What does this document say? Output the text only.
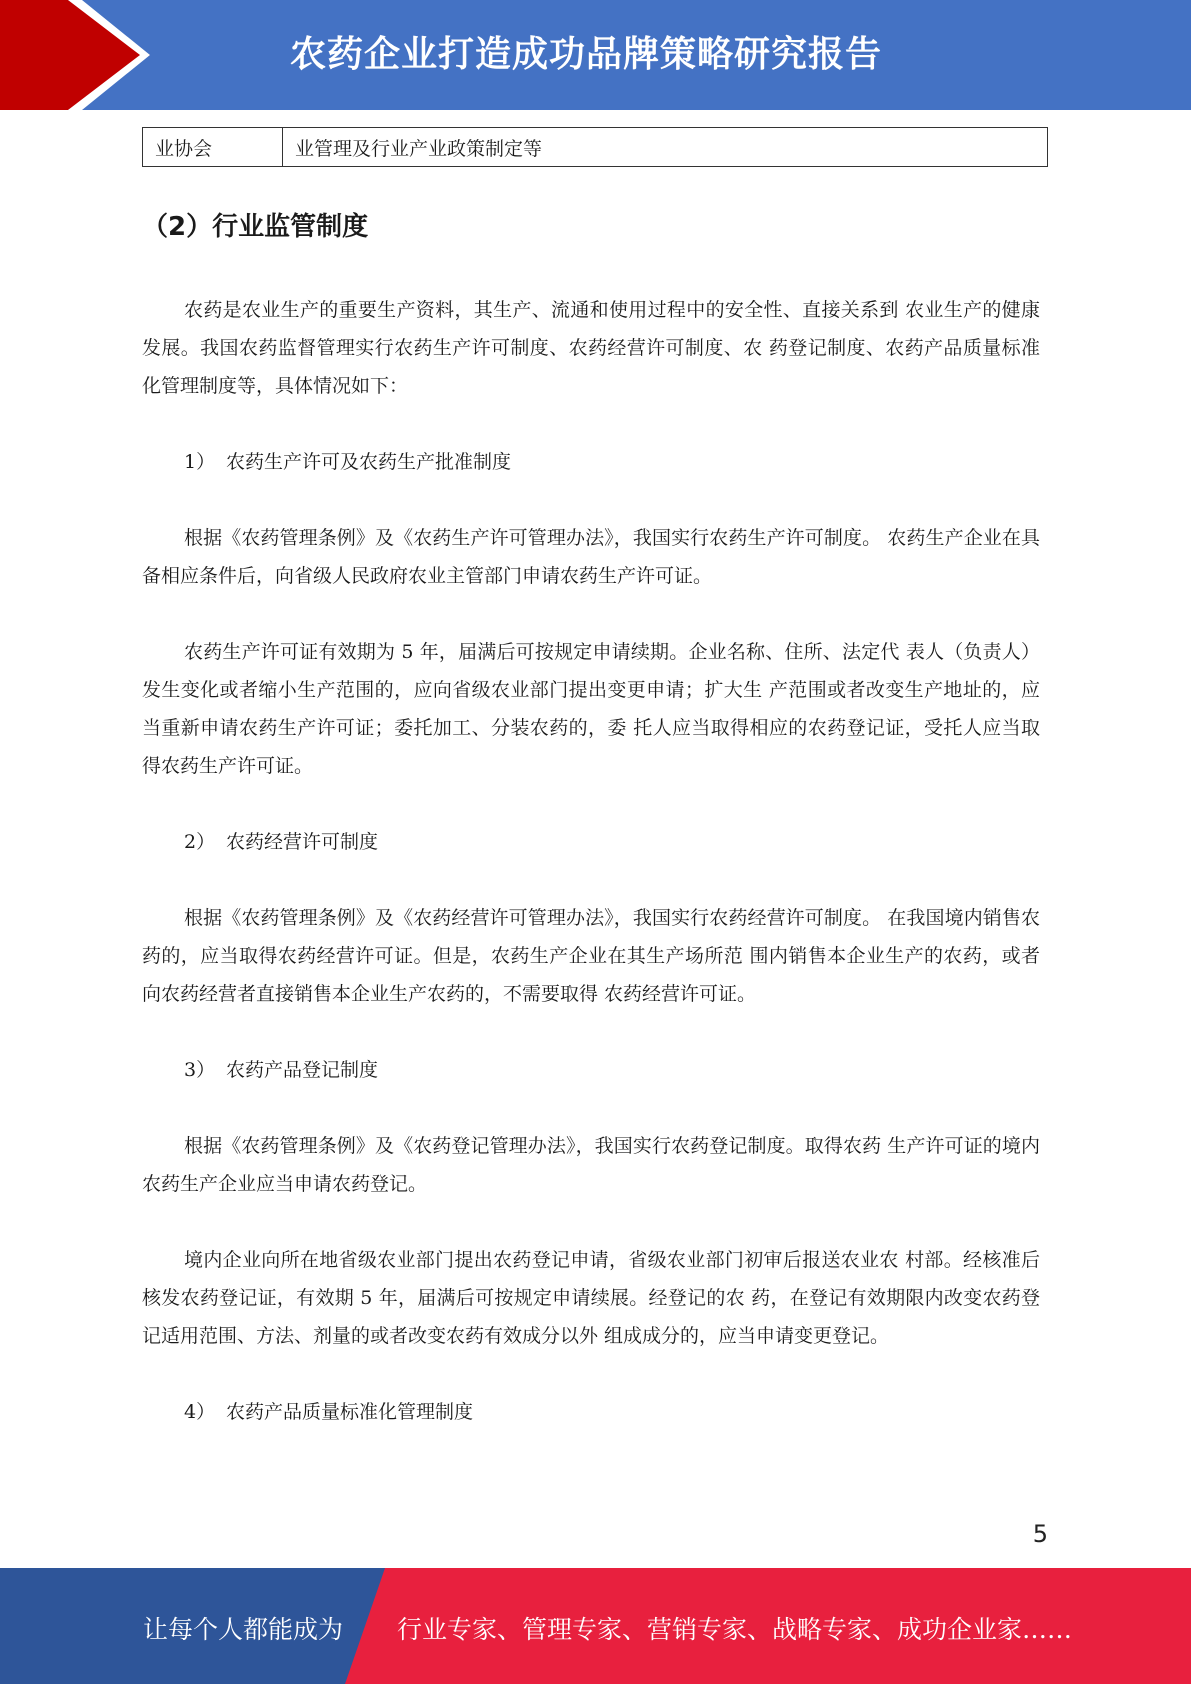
农药企业打造成功品牌策略研究报告
业协会	业管理及行业产业政策制定等
（2）行业监管制度

农药是农业生产的重要生产资料，其生产、流通和使用过程中的安全性、直接关系到 农业生产的健康发展。我国农药监督管理实行农药生产许可制度、农药经营许可制度、农 药登记制度、农药产品质量标准化管理制度等，具体情况如下：

1） 农药生产许可及农药生产批准制度

根据《农药管理条例》及《农药生产许可管理办法》，我国实行农药生产许可制度。 农药生产企业在具备相应条件后，向省级人民政府农业主管部门申请农药生产许可证。

农药生产许可证有效期为 5 年，届满后可按规定申请续期。企业名称、住所、法定代 表人（负责人）发生变化或者缩小生产范围的，应向省级农业部门提出变更申请；扩大生 产范围或者改变生产地址的，应当重新申请农药生产许可证；委托加工、分装农药的，委 托人应当取得相应的农药登记证，受托人应当取得农药生产许可证。

2） 农药经营许可制度

根据《农药管理条例》及《农药经营许可管理办法》，我国实行农药经营许可制度。 在我国境内销售农药的，应当取得农药经营许可证。但是，农药生产企业在其生产场所范 围内销售本企业生产的农药，或者向农药经营者直接销售本企业生产农药的，不需要取得 农药经营许可证。

3） 农药产品登记制度

根据《农药管理条例》及《农药登记管理办法》，我国实行农药登记制度。取得农药 生产许可证的境内农药生产企业应当申请农药登记。

境内企业向所在地省级农业部门提出农药登记申请，省级农业部门初审后报送农业农 村部。经核准后核发农药登记证，有效期 5 年，届满后可按规定申请续展。经登记的农 药，在登记有效期限内改变农药登记适用范围、方法、剂量的或者改变农药有效成分以外 组成成分的，应当申请变更登记。

4） 农药产品质量标准化管理制度
5
让每个人都能成为 行业专家、管理专家、营销专家、战略专家、成功企业家……
